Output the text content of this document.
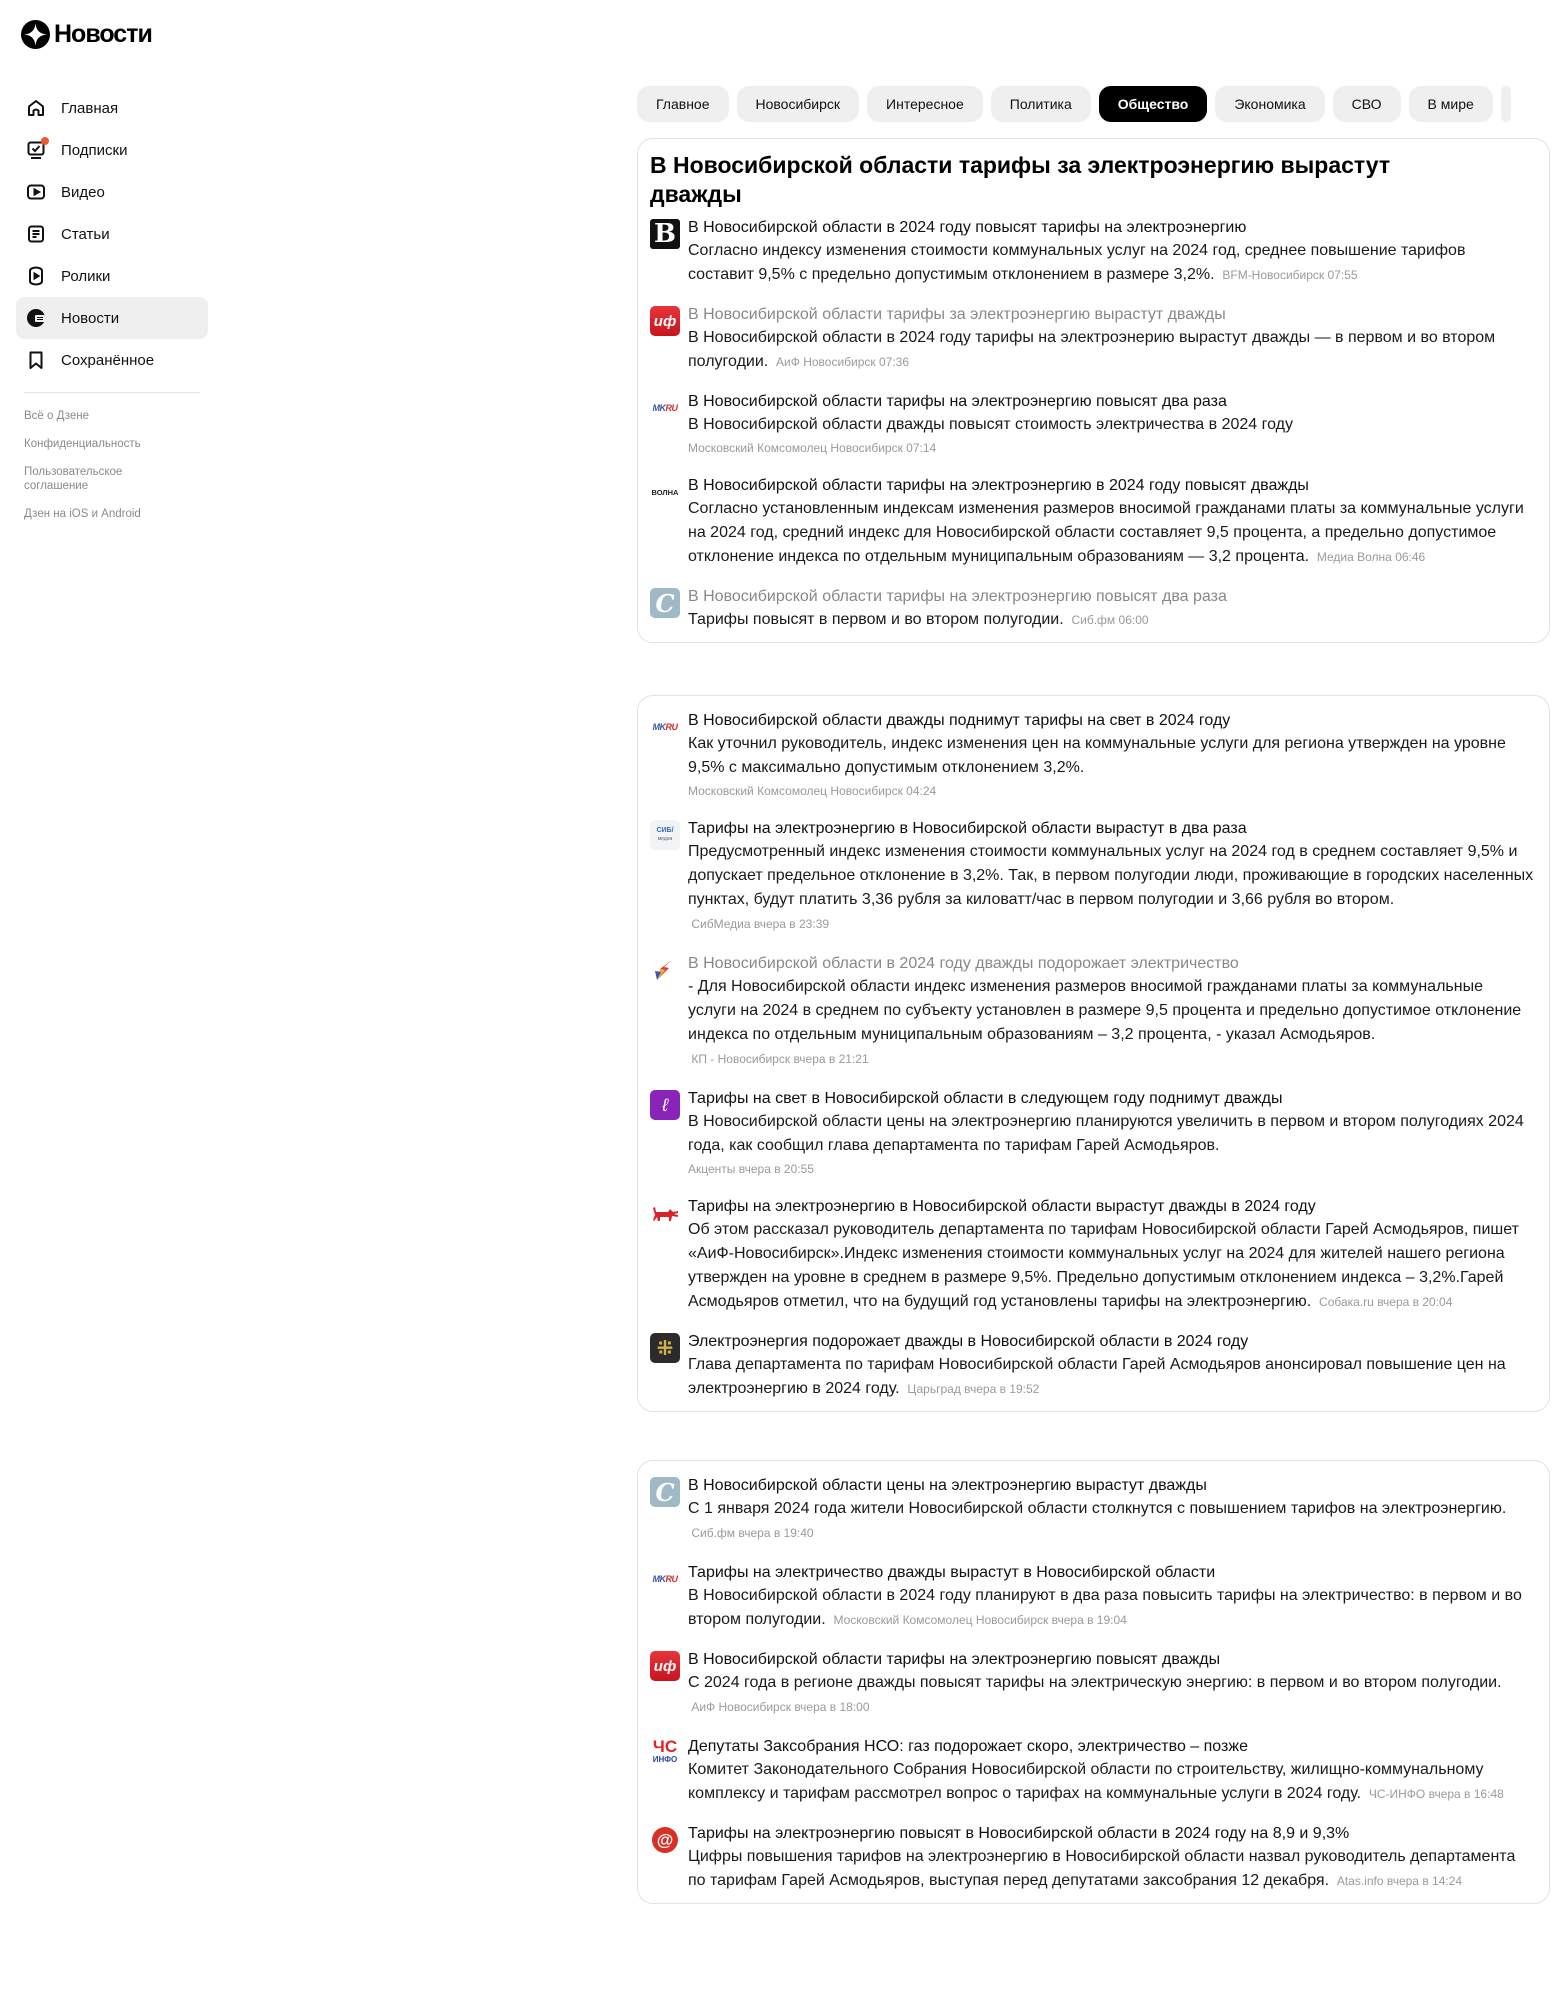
Новости
Главная
Подписки
Видео
Статьи
Ролики
Новости
Сохранённое
Всё о Дзене
Конфиденциальность
Пользовательское соглашение
Дзен на iOS и Android
Главное	Новосибирск	Интересное	Политика	Общество	Экономика	СВО	В мире
В Новосибирской области тарифы за электроэнергию вырастут дважды
B В Новосибирской области в 2024 году повысят тарифы на электроэнергию
Согласно индексу изменения стоимости коммунальных услуг на 2024 год, среднее повышение тарифов составит 9,5% с предельно допустимым отклонением в размере 3,2%. BFM-Новосибирск 07:55
иф В Новосибирской области тарифы за электроэнергию вырастут дважды
В Новосибирской области в 2024 году тарифы на электроэнерию вырастут дважды — в первом и во втором полугодии. АиФ Новосибирск 07:36
MK RU В Новосибирской области тарифы на электроэнергию повысят два раза
В Новосибирской области дважды повысят стоимость электричества в 2024 году
Московский Комсомолец Новосибирск 07:14
ВОЛНА В Новосибирской области тарифы на электроэнергию в 2024 году повысят дважды
Согласно установленным индексам изменения размеров вносимой гражданами платы за коммунальные услуги на 2024 год, средний индекс для Новосибирской области составляет 9,5 процента, а предельно допустимое отклонение индекса по отдельным муниципальным образованиям — 3,2 процента. Медиа Волна 06:46
C В Новосибирской области тарифы на электроэнергию повысят два раза
Тарифы повысят в первом и во втором полугодии. Сиб.фм 06:00
MK RU В Новосибирской области дважды поднимут тарифы на свет в 2024 году
Как уточнил руководитель, индекс изменения цен на коммунальные услуги для региона утвержден на уровне 9,5% с максимально допустимым отклонением 3,2%.
Московский Комсомолец Новосибирск 04:24
СИБ/
медиа
Тарифы на электроэнергию в Новосибирской области вырастут в два раза
Предусмотренный индекс изменения стоимости коммунальных услуг на 2024 год в среднем составляет 9,5% и допускает предельное отклонение в 3,2%. Так, в первом полугодии люди, проживающие в городских населенных пунктах, будут платить 3,36 рубля за киловатт/час в первом полугодии и 3,66 рубля во втором.  СибМедиа вчера в 23:39
В Новосибирской области в 2024 году дважды подорожает электричество
- Для Новосибирской области индекс изменения размеров вносимой гражданами платы за коммунальные услуги на 2024 в среднем по субъекту установлен в размере 9,5 процента и предельно допустимое отклонение индекса по отдельным муниципальным образованиям – 3,2 процента, - указал Асмодьяров.  КП - Новосибирск вчера в 21:21
ℓ	Тарифы на свет в Новосибирской области в следующем году поднимут дважды
В Новосибирской области цены на электроэнергию планируются увеличить в первом и втором полугодиях 2024 года, как сообщил глава департамента по тарифам Гарей Асмодьяров.
Акценты вчера в 20:55
Тарифы на электроэнергию в Новосибирской области вырастут дважды в 2024 году
Об этом рассказал руководитель департамента по тарифам Новосибирской области Гарей Асмодьяров, пишет «АиФ-Новосибирск».Индекс изменения стоимости коммунальных услуг на 2024 для жителей нашего региона утвержден на уровне в среднем в размере 9,5%. Предельно допустимым отклонением индекса – 3,2%.Гарей Асмодьяров отметил, что на будущий год установлены тарифы на электроэнергию. Собака.ru вчера в 20:04
⁜ Электроэнергия подорожает дважды в Новосибирской области в 2024 году
Глава департамента по тарифам Новосибирской области Гарей Асмодьяров анонсировал повышение цен на электроэнергию в 2024 году. Царьград вчера в 19:52
C В Новосибирской области цены на электроэнергию вырастут дважды
С 1 января 2024 года жители Новосибирской области столкнутся с повышением тарифов на электроэнергию.  Сиб.фм вчера в 19:40
MK RU Тарифы на электричество дважды вырастут в Новосибирской области
В Новосибирской области в 2024 году планируют в два раза повысить тарифы на электричество: в первом и во втором полугодии. Московский Комсомолец Новосибирск вчера в 19:04
иф В Новосибирской области тарифы на электроэнергию повысят дважды
С 2024 года в регионе дважды повысят тарифы на электрическую энергию: в первом и во втором полугодии.  АиФ Новосибирск вчера в 18:00
ЧС
ИНФО
Депутаты Заксобрания НСО: газ подорожает скоро, электричество – позже
Комитет Законодательного Собрания Новосибирской области по строительству, жилищно-коммунальному комплексу и тарифам рассмотрел вопрос о тарифах на коммунальные услуги в 2024 году. ЧС-ИНФО вчера в 16:48
@ Тарифы на электроэнергию повысят в Новосибирской области в 2024 году на 8,9 и 9,3%
Цифры повышения тарифов на электроэнергию в Новосибирской области назвал руководитель департамента по тарифам Гарей Асмодьяров, выступая перед депутатами заксобрания 12 декабря. Atas.info вчера в 14:24
